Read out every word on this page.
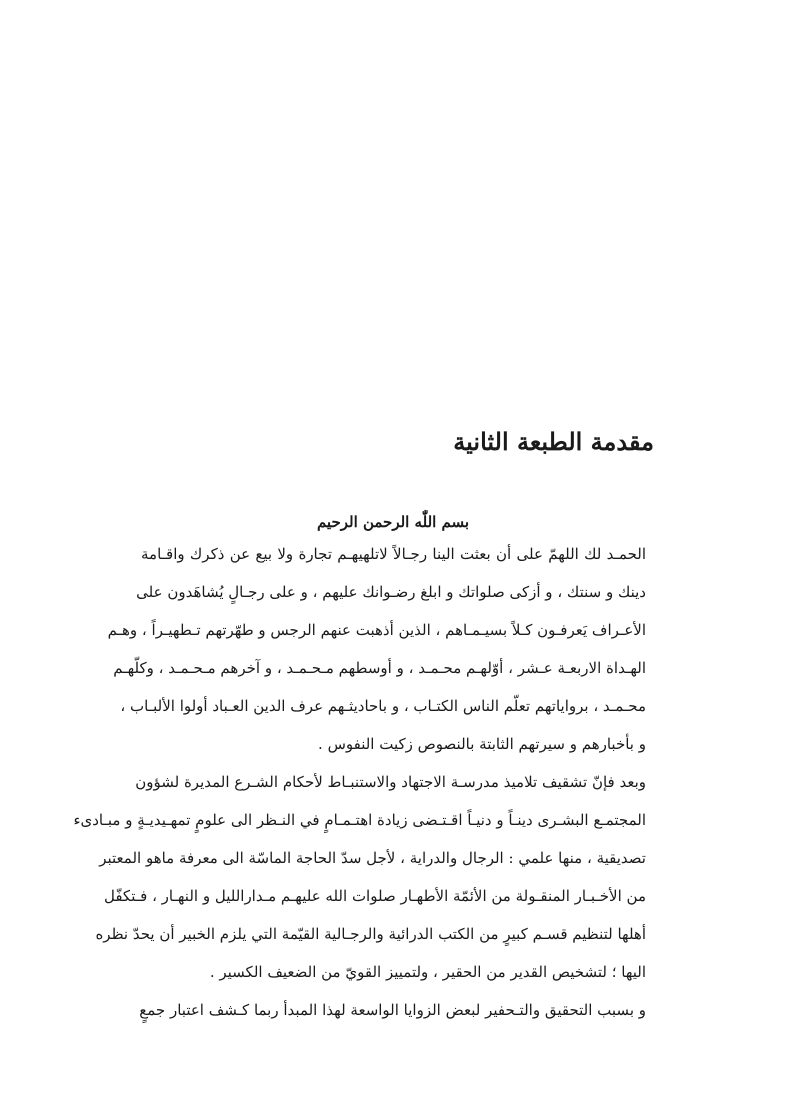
مقدمة الطبعة الثانية
بسم اللّٰه الرحمن الرحيم
الحمـد لك اللهمّ على أن بعثت الينا رجـالاً لاتلهيهـم تجارة ولا بيع عن ذكرك واقـامة
دينك و سنتك ، و أزكى صلواتك و ابلغ رضـوانك عليهم ، و على رجـالٍ يُشاهَدون على
الأعـراف يَعرفـون كـلاً بسيـمـاهم ، الذين أذهبت عنهم الرجس و طهّرتهم تـطهيـراً ، وهـم
الهـداة الاربعـة عـشر ، أوّلهـم محـمـد ، و أوسطهم مـحـمـد ، و آخرهم مـحـمـد ، وكلّهـم
محـمـد ، برواياتهم تعلّم الناس الكتـاب ، و باحاديثـهم عرف الدين العـباد أولوا الألبـاب ،
و بأخبارهم و سيرتهم الثابتة بالنصوص زكيت النفوس .
وبعد فإنّ تشقيف تلاميذ مدرسـة الاجتهاد والاستنبـاط لأحكام الشـرع المديرة لشؤون
المجتمـع البشـرى دينـاً و دنيـاً اقـتـضى زيادة اهتـمـامٍ في النـظر الى علومٍ تمهـيديـةٍ و مبـادىء
تصديقية ، منها علمي : الرجال والدراية ، لأجل سدّ الحاجة الماسّة الى معرفة ماهو المعتبر
من الأخـبـار المنقـولة من الأئمّة الأطهـار صلوات الله عليهـم مـدارالليل و النهـار ، فـتكفّل
أهلها لتنظيم قسـم كبيرٍ من الكتب الدرائية والرجـالية القيّمة التي يلزم الخبير أن يحدّ نظره
اليها ؛ لتشخيص القدير من الحقير ، ولتمييز القويّ من الضعيف الكسير .
و بسبب التحقيق والتـحفير لبعض الزوايا الواسعة لهذا المبدأ ربما كـشف اعتبار جمعٍ
